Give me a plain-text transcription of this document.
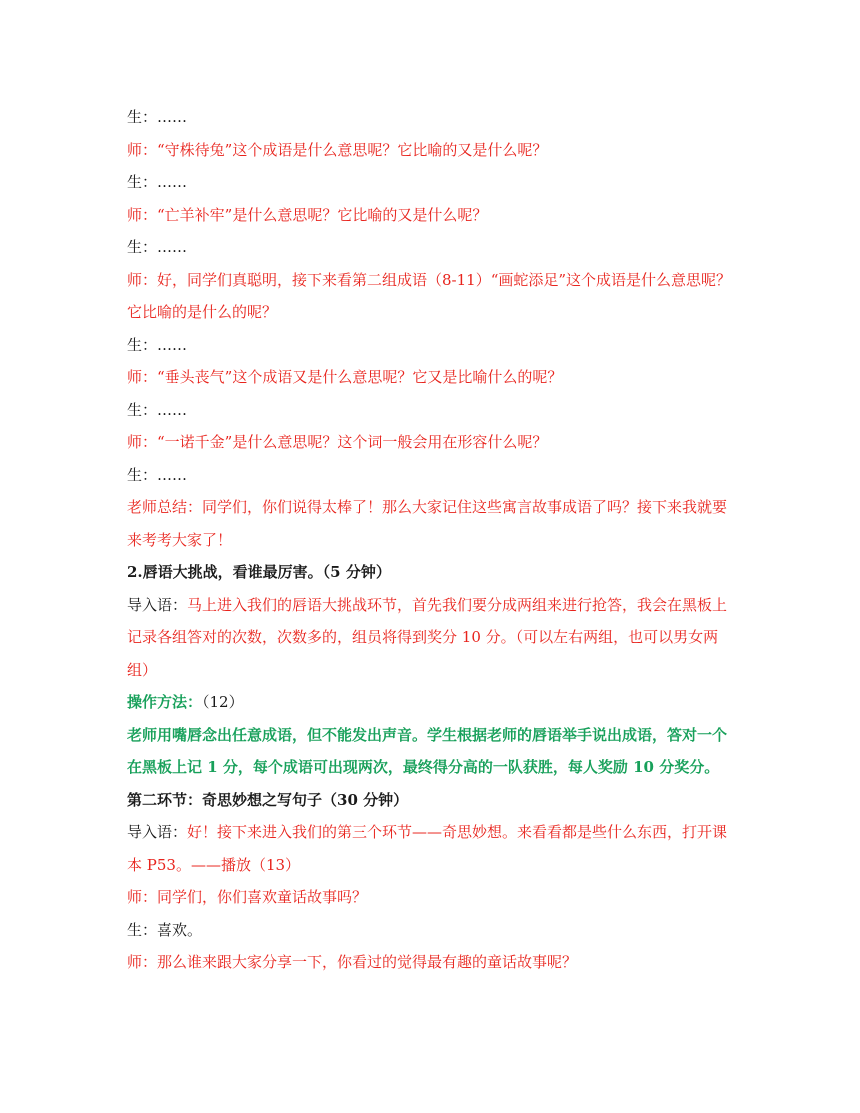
生：……
师：“守株待兔”这个成语是什么意思呢？它比喻的又是什么呢？
生：……
师：“亡羊补牢”是什么意思呢？它比喻的又是什么呢？
生：……
师：好，同学们真聪明，接下来看第二组成语（8-11）“画蛇添足”这个成语是什么意思呢？它比喻的是什么的呢？
生：……
师：“垂头丧气”这个成语又是什么意思呢？它又是比喻什么的呢？
生：……
师：“一诺千金”是什么意思呢？这个词一般会用在形容什么呢？
生：……
老师总结：同学们，你们说得太棒了！那么大家记住这些寓言故事成语了吗？接下来我就要来考考大家了！
2.唇语大挑战，看谁最厉害。（5 分钟）
导入语：马上进入我们的唇语大挑战环节，首先我们要分成两组来进行抢答，我会在黑板上记录各组答对的次数，次数多的，组员将得到奖分 10 分。（可以左右两组，也可以男女两组）
操作方法：（12）
老师用嘴唇念出任意成语，但不能发出声音。学生根据老师的唇语举手说出成语，答对一个在黑板上记 1 分，每个成语可出现两次，最终得分高的一队获胜，每人奖励 10 分奖分。
第二环节：奇思妙想之写句子（30 分钟）
导入语：好！接下来进入我们的第三个环节——奇思妙想。来看看都是些什么东西，打开课本 P53。——播放（13）
师：同学们，你们喜欢童话故事吗？
生：喜欢。
师：那么谁来跟大家分享一下，你看过的觉得最有趣的童话故事呢？
